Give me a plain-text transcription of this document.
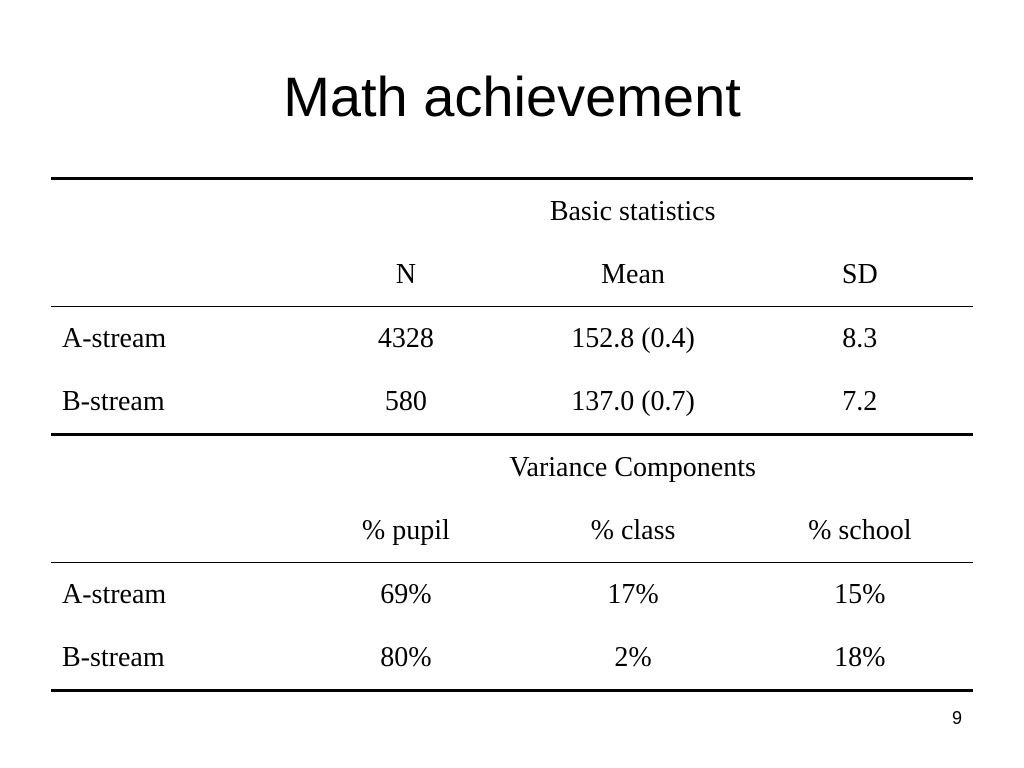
Math achievement
	Basic statistics		
	N	Mean	SD
A-stream	4328	152.8 (0.4)	8.3
B-stream	580	137.0 (0.7)	7.2
	Variance Components		
	% pupil	% class	% school
A-stream	69%	17%	15%
B-stream	80%	2%	18%
9
